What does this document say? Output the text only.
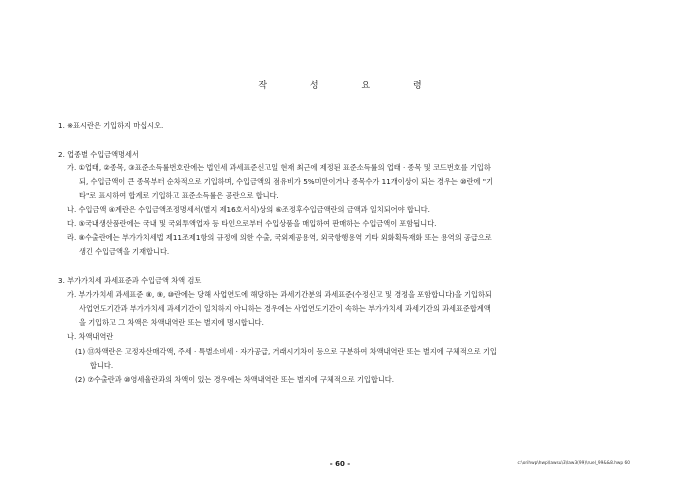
작 성 요 령
1. ※표시란은 기입하지 마십시오.
2. 업종별 수입금액명세서
가. ①업태, ②종목, ③표준소득률번호란에는 법인세 과세표준신고일 현재 최근에 제정된 표준소득률의 업태 · 종목 및 코드번호를 기입하
되, 수입금액이 큰 종목부터 순차적으로 기입하며, 수입금액의 점유비가 5%미만이거나 종목수가 11개이상이 되는 경우는 ⑩란에 "기
타"로 표시하여 합계로 기입하고 표준소득률은 공란으로 합니다.
나. 수입금액 ④계란은 수입금액조정명세서(별지 제16호서식)상의 ⑥조정후수입금액란의 금액과 일치되어야 합니다.
다. ⑤국내생산품란에는 국내 및 국외투액업자 등 타인으로부터 수입상품을 매입하여 판매하는 수입금액이 포함됩니다.
라. ⑧수출란에는 부가가치세법 제11조제1항의 규정에 의한 수출, 국외제공용역, 외국항행용역 기타 외화획득재화 또는 용역의 공급으로
생긴 수입금액을 기재합니다.
3. 부가가치세 과세표준과 수입금액 차액 검토
가. 부가가치세 과세표준 ⑧, ⑨, ⑩란에는 당해 사업연도에 해당하는 과세기간분의 과세표준(수정신고 및 경정을 포함합니다)을 기입하되
사업연도기간과 부가가치세 과세기간이 일치하지 아니하는 경우에는 사업연도기간이 속하는 부가가치세 과세기간의 과세표준합계액
을 기입하고 그 차액은 차액내역란 또는 별지에 명시합니다.
나. 차액내역란
(1) ⑬차액란은 고정자산매각액, 주세 · 특별소비세 · 자가공급, 거래시기차이 등으로 구분하여 차액내역란 또는 별지에 구체적으로 기입
합니다.
(2) ⑦수출란과 ⑩영세율란과의 차액이 있는 경우에는 차액내역란 또는 별지에 구체적으로 기입합니다.
- 60 -	c:\orihwp\hwp\lawsu\3\law3(99)\ruel_99&&8.hwp 60
